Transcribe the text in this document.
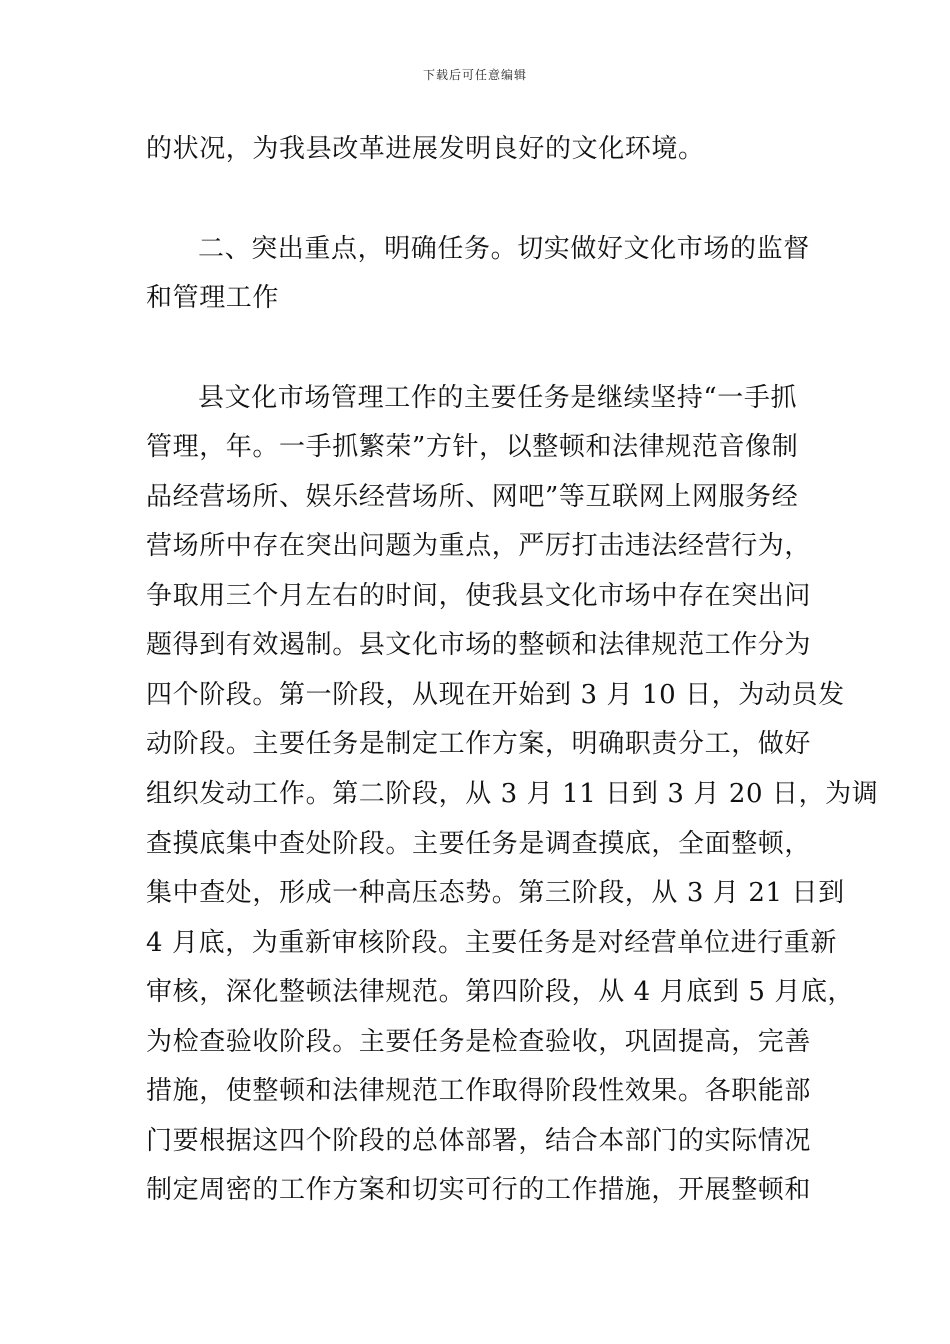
下载后可任意编辑
的状况，为我县改革进展发明良好的文化环境。
二、突出重点，明确任务。切实做好文化市场的监督
和管理工作
县文化市场管理工作的主要任务是继续坚持“一手抓
管理，年。一手抓繁荣”方针，以整顿和法律规范音像制
品经营场所、娱乐经营场所、网吧”等互联网上网服务经
营场所中存在突出问题为重点，严厉打击违法经营行为，
争取用三个月左右的时间，使我县文化市场中存在突出问
题得到有效遏制。县文化市场的整顿和法律规范工作分为
四个阶段。第一阶段，从现在开始到 3 月 10 日，为动员发
动阶段。主要任务是制定工作方案，明确职责分工，做好
组织发动工作。第二阶段，从 3 月 11 日到 3 月 20 日，为调
查摸底集中查处阶段。主要任务是调查摸底，全面整顿，
集中查处，形成一种高压态势。第三阶段，从 3 月 21 日到
4 月底，为重新审核阶段。主要任务是对经营单位进行重新
审核，深化整顿法律规范。第四阶段，从 4 月底到 5 月底，
为检查验收阶段。主要任务是检查验收，巩固提高，完善
措施，使整顿和法律规范工作取得阶段性效果。各职能部
门要根据这四个阶段的总体部署，结合本部门的实际情况
制定周密的工作方案和切实可行的工作措施，开展整顿和
